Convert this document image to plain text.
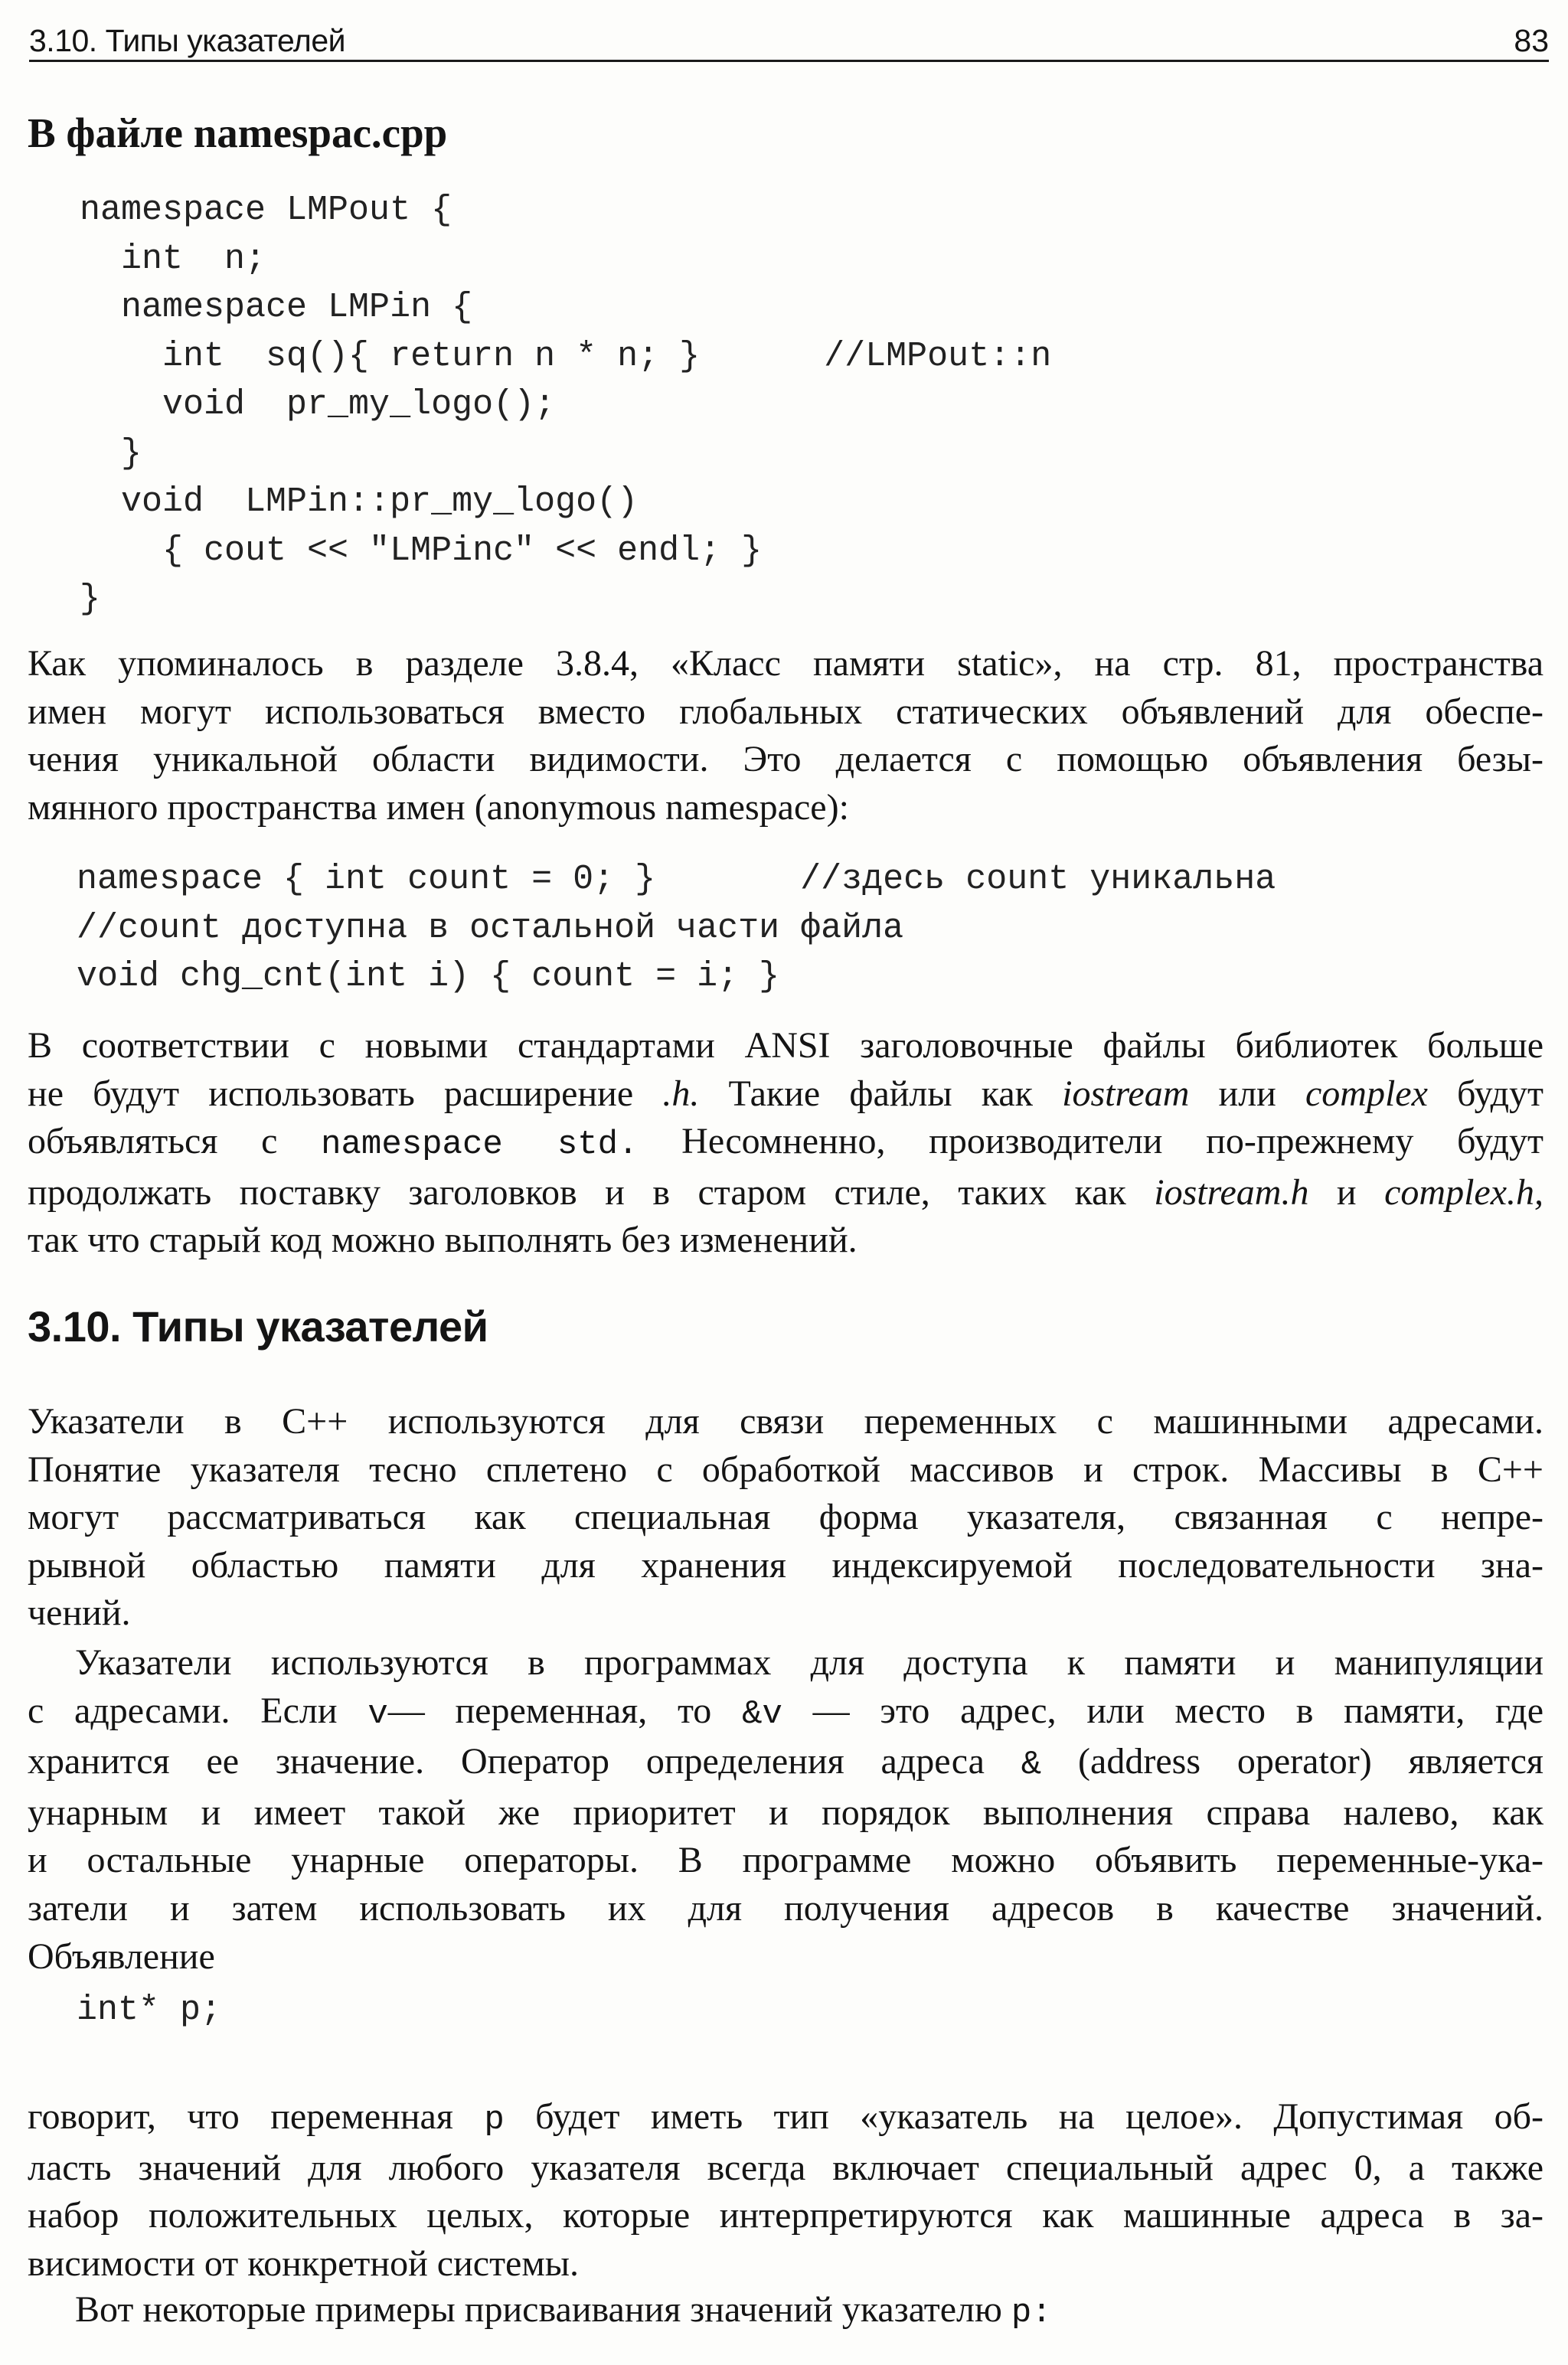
3.10. Типы указателей	83
В файле namespac.cpp
namespace LMPout {
int  n;
namespace LMPin {
int  sq(){ return n * n; }      //LMPout::n
void  pr_my_logo();
}
void  LMPin::pr_my_logo()
{ cout << "LMPinc" << endl; }
}
Как упоминалось в разделе 3.8.4, «Класс памяти static», на стр. 81, пространства
имен могут использоваться вместо глобальных статических объявлений для обеспе-
чения уникальной области видимости. Это делается с помощью объявления безы-
мянного пространства имен (anonymous namespace):
namespace { int count = 0; }       //здесь count уникальна
//count доступна в остальной части файла
void chg_cnt(int i) { count = i; }
В соответствии с новыми стандартами ANSI заголовочные файлы библиотек больше
не будут использовать расширение .h. Такие файлы как iostream или complex будут
объявляться с namespace std. Несомненно, производители по-прежнему будут
продолжать поставку заголовков и в старом стиле, таких как iostream.h и complex.h,
так что старый код можно выполнять без изменений.
3.10. Типы указателей
Указатели в C++ используются для связи переменных с машинными адресами.
Понятие указателя тесно сплетено с обработкой массивов и строк. Массивы в C++
могут рассматриваться как специальная форма указателя, связанная с непре-
рывной областью памяти для хранения индексируемой последовательности зна-
чений.
Указатели используются в программах для доступа к памяти и манипуляции
с адресами. Если v— переменная, то &v — это адрес, или место в памяти, где
хранится ее значение. Оператор определения адреса & (address operator) является
унарным и имеет такой же приоритет и порядок выполнения справа налево, как
и остальные унарные операторы. В программе можно объявить переменные-ука-
затели и затем использовать их для получения адресов в качестве значений.
Объявление
int* p;
говорит, что переменная p будет иметь тип «указатель на целое». Допустимая об-
ласть значений для любого указателя всегда включает специальный адрес 0, а также
набор положительных целых, которые интерпретируются как машинные адреса в за-
висимости от конкретной системы.
Вот некоторые примеры присваивания значений указателю p:
